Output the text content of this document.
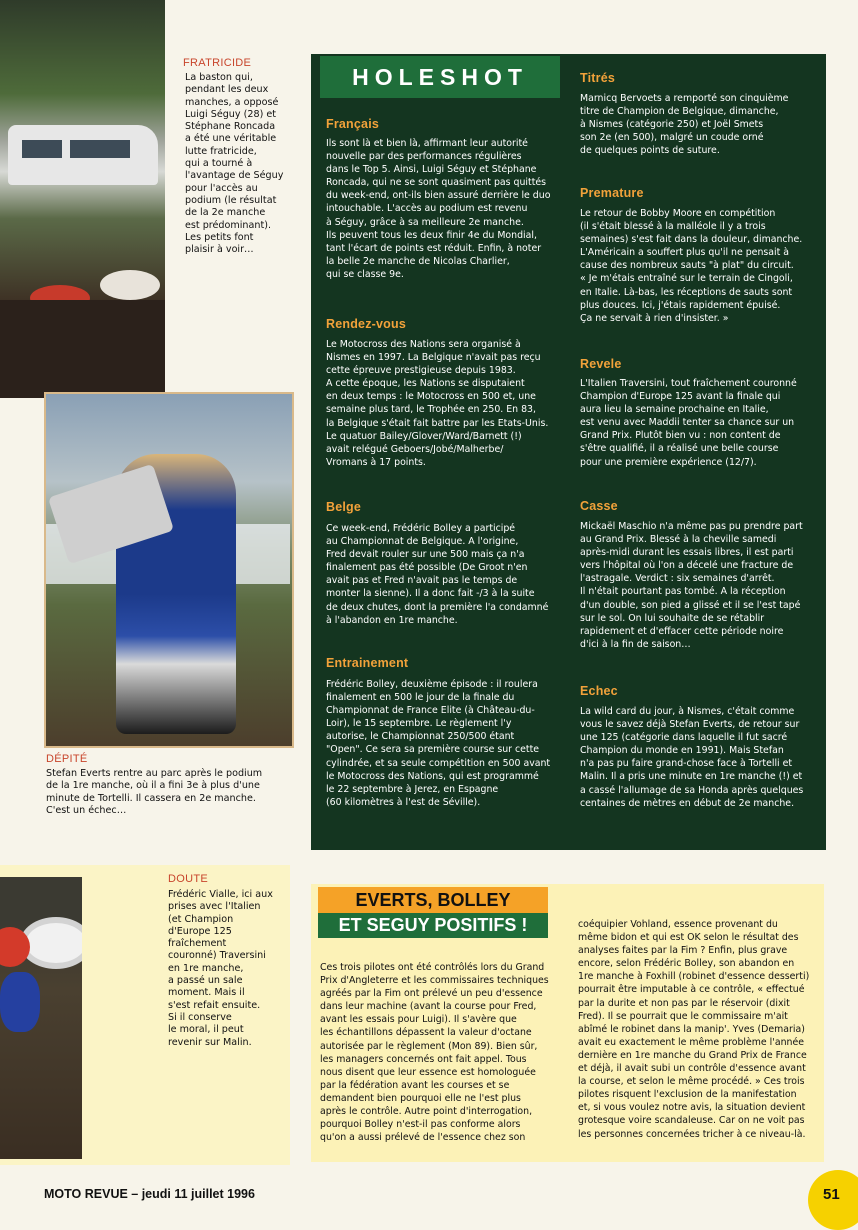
FRATRICIDE
La baston qui,
pendant les deux
manches, a opposé
Luigi Séguy (28) et
Stéphane Roncada
a été une véritable
lutte fratricide,
qui a tourné à
l'avantage de Séguy
pour l'accès au
podium (le résultat
de la 2e manche
est prédominant).
Les petits font
plaisir à voir…
DÉPITÉ
Stefan Everts rentre au parc après le podium
de la 1re manche, où il a fini 3e à plus d'une
minute de Tortelli. Il cassera en 2e manche.
C'est un échec…
DOUTE
Frédéric Vialle, ici aux
prises avec l'Italien
(et Champion
d'Europe 125
fraîchement
couronné) Traversini
en 1re manche,
a passé un sale
moment. Mais il
s'est refait ensuite.
Si il conserve
le moral, il peut
revenir sur Malin.
HOLESHOT
Français
Ils sont là et bien là, affirmant leur autorité
nouvelle par des performances régulières
dans le Top 5. Ainsi, Luigi Séguy et Stéphane
Roncada, qui ne se sont quasiment pas quittés
du week-end, ont-ils bien assuré derrière le duo
intouchable. L'accès au podium est revenu
à Séguy, grâce à sa meilleure 2e manche.
Ils peuvent tous les deux finir 4e du Mondial,
tant l'écart de points est réduit. Enfin, à noter
la belle 2e manche de Nicolas Charlier,
qui se classe 9e.
Rendez-vous
Le Motocross des Nations sera organisé à
Nismes en 1997. La Belgique n'avait pas reçu
cette épreuve prestigieuse depuis 1983.
A cette époque, les Nations se disputaient
en deux temps : le Motocross en 500 et, une
semaine plus tard, le Trophée en 250. En 83,
la Belgique s'était fait battre par les Etats-Unis.
Le quatuor Bailey/Glover/Ward/Barnett (!)
avait relégué Geboers/Jobé/Malherbe/
Vromans à 17 points.
Belge
Ce week-end, Frédéric Bolley a participé
au Championnat de Belgique. A l'origine,
Fred devait rouler sur une 500 mais ça n'a
finalement pas été possible (De Groot n'en
avait pas et Fred n'avait pas le temps de
monter la sienne). Il a donc fait -/3 à la suite
de deux chutes, dont la première l'a condamné
à l'abandon en 1re manche.
Entrainement
Frédéric Bolley, deuxième épisode : il roulera
finalement en 500 le jour de la finale du
Championnat de France Elite (à Château-du-
Loir), le 15 septembre. Le règlement l'y
autorise, le Championnat 250/500 étant
"Open". Ce sera sa première course sur cette
cylindrée, et sa seule compétition en 500 avant
le Motocross des Nations, qui est programmé
le 22 septembre à Jerez, en Espagne
(60 kilomètres à l'est de Séville).
Titrés
Marnicq Bervoets a remporté son cinquième
titre de Champion de Belgique, dimanche,
à Nismes (catégorie 250) et Joël Smets
son 2e (en 500), malgré un coude orné
de quelques points de suture.
Premature
Le retour de Bobby Moore en compétition
(il s'était blessé à la malléole il y a trois
semaines) s'est fait dans la douleur, dimanche.
L'Américain a souffert plus qu'il ne pensait à
cause des nombreux sauts "à plat" du circuit.
« Je m'étais entraîné sur le terrain de Cingoli,
en Italie. Là-bas, les réceptions de sauts sont
plus douces. Ici, j'étais rapidement épuisé.
Ça ne servait à rien d'insister. »
Revele
L'Italien Traversini, tout fraîchement couronné
Champion d'Europe 125 avant la finale qui
aura lieu la semaine prochaine en Italie,
est venu avec Maddii tenter sa chance sur un
Grand Prix. Plutôt bien vu : non content de
s'être qualifié, il a réalisé une belle course
pour une première expérience (12/7).
Casse
Mickaël Maschio n'a même pas pu prendre part
au Grand Prix. Blessé à la cheville samedi
après-midi durant les essais libres, il est parti
vers l'hôpital où l'on a décelé une fracture de
l'astragale. Verdict : six semaines d'arrêt.
Il n'était pourtant pas tombé. A la réception
d'un double, son pied a glissé et il se l'est tapé
sur le sol. On lui souhaite de se rétablir
rapidement et d'effacer cette période noire
d'ici à la fin de saison…
Echec
La wild card du jour, à Nismes, c'était comme
vous le savez déjà Stefan Everts, de retour sur
une 125 (catégorie dans laquelle il fut sacré
Champion du monde en 1991). Mais Stefan
n'a pas pu faire grand-chose face à Tortelli et
Malin. Il a pris une minute en 1re manche (!) et
a cassé l'allumage de sa Honda après quelques
centaines de mètres en début de 2e manche.
EVERTS, BOLLEY
ET SEGUY POSITIFS !
Ces trois pilotes ont été contrôlés lors du Grand
Prix d'Angleterre et les commissaires techniques
agréés par la Fim ont prélevé un peu d'essence
dans leur machine (avant la course pour Fred,
avant les essais pour Luigi). Il s'avère que
les échantillons dépassent la valeur d'octane
autorisée par le règlement (Mon 89). Bien sûr,
les managers concernés ont fait appel. Tous
nous disent que leur essence est homologuée
par la fédération avant les courses et se
demandent bien pourquoi elle ne l'est plus
après le contrôle. Autre point d'interrogation,
pourquoi Bolley n'est-il pas conforme alors
qu'on a aussi prélevé de l'essence chez son
coéquipier Vohland, essence provenant du
même bidon et qui est OK selon le résultat des
analyses faites par la Fim ? Enfin, plus grave
encore, selon Frédéric Bolley, son abandon en
1re manche à Foxhill (robinet d'essence desserti)
pourrait être imputable à ce contrôle, « effectué
par la durite et non pas par le réservoir (dixit
Fred). Il se pourrait que le commissaire m'ait
abîmé le robinet dans la manip'. Yves (Demaria)
avait eu exactement le même problème l'année
dernière en 1re manche du Grand Prix de France
et déjà, il avait subi un contrôle d'essence avant
la course, et selon le même procédé. » Ces trois
pilotes risquent l'exclusion de la manifestation
et, si vous voulez notre avis, la situation devient
grotesque voire scandaleuse. Car on ne voit pas
les personnes concernées tricher à ce niveau-là.
MOTO REVUE – jeudi 11 juillet 1996	51
